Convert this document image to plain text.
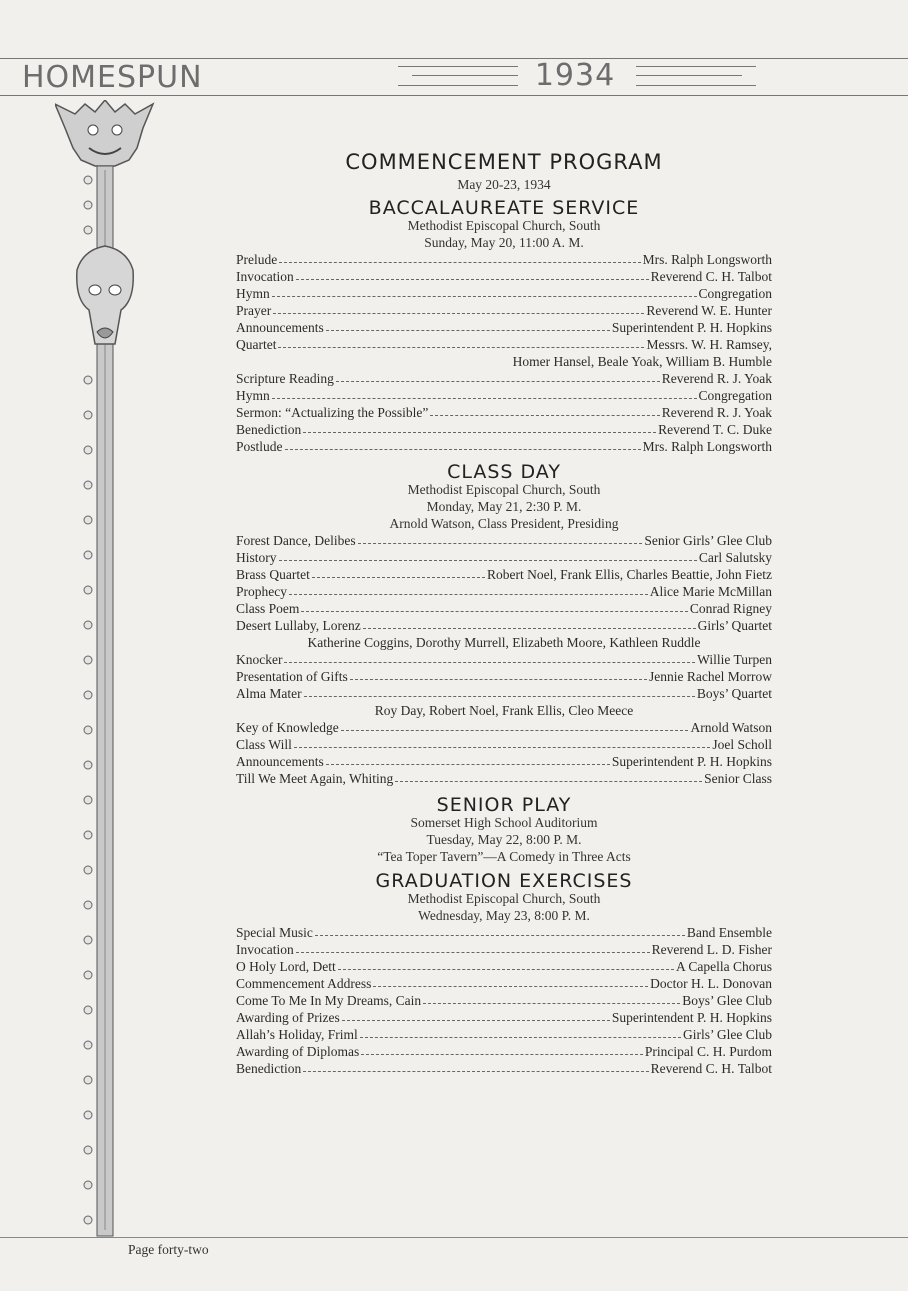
HOMESPUN	1934
COMMENCEMENT PROGRAM
May 20-23, 1934
BACCALAUREATE SERVICE
Methodist Episcopal Church, South
Sunday, May 20, 11:00 A. M.
Prelude	Mrs. Ralph Longsworth
Invocation	Reverend C. H. Talbot
Hymn	Congregation
Prayer	Reverend W. E. Hunter
Announcements	Superintendent P. H. Hopkins
Quartet	Messrs. W. H. Ramsey,
Homer Hansel, Beale Yoak, William B. Humble
Scripture Reading	Reverend R. J. Yoak
Hymn	Congregation
Sermon: “Actualizing the Possible”	Reverend R. J. Yoak
Benediction	Reverend T. C. Duke
Postlude	Mrs. Ralph Longsworth
CLASS DAY
Methodist Episcopal Church, South
Monday, May 21, 2:30 P. M.
Arnold Watson, Class President, Presiding
Forest Dance, Delibes	Senior Girls’ Glee Club
History	Carl Salutsky
Brass Quartet	Robert Noel, Frank Ellis, Charles Beattie, John Fietz
Prophecy	Alice Marie McMillan
Class Poem	Conrad Rigney
Desert Lullaby, Lorenz	Girls’ Quartet
Katherine Coggins, Dorothy Murrell, Elizabeth Moore, Kathleen Ruddle
Knocker	Willie Turpen
Presentation of Gifts	Jennie Rachel Morrow
Alma Mater	Boys’ Quartet
Roy Day, Robert Noel, Frank Ellis, Cleo Meece
Key of Knowledge	Arnold Watson
Class Will	Joel Scholl
Announcements	Superintendent P. H. Hopkins
Till We Meet Again, Whiting	Senior Class
SENIOR PLAY
Somerset High School Auditorium
Tuesday, May 22, 8:00 P. M.
“Tea Toper Tavern”—A Comedy in Three Acts
GRADUATION EXERCISES
Methodist Episcopal Church, South
Wednesday, May 23, 8:00 P. M.
Special Music	Band Ensemble
Invocation	Reverend L. D. Fisher
O Holy Lord, Dett	A Capella Chorus
Commencement Address	Doctor H. L. Donovan
Come To Me In My Dreams, Cain	Boys’ Glee Club
Awarding of Prizes	Superintendent P. H. Hopkins
Allah’s Holiday, Friml	Girls’ Glee Club
Awarding of Diplomas	Principal C. H. Purdom
Benediction	Reverend C. H. Talbot
Page forty-two
